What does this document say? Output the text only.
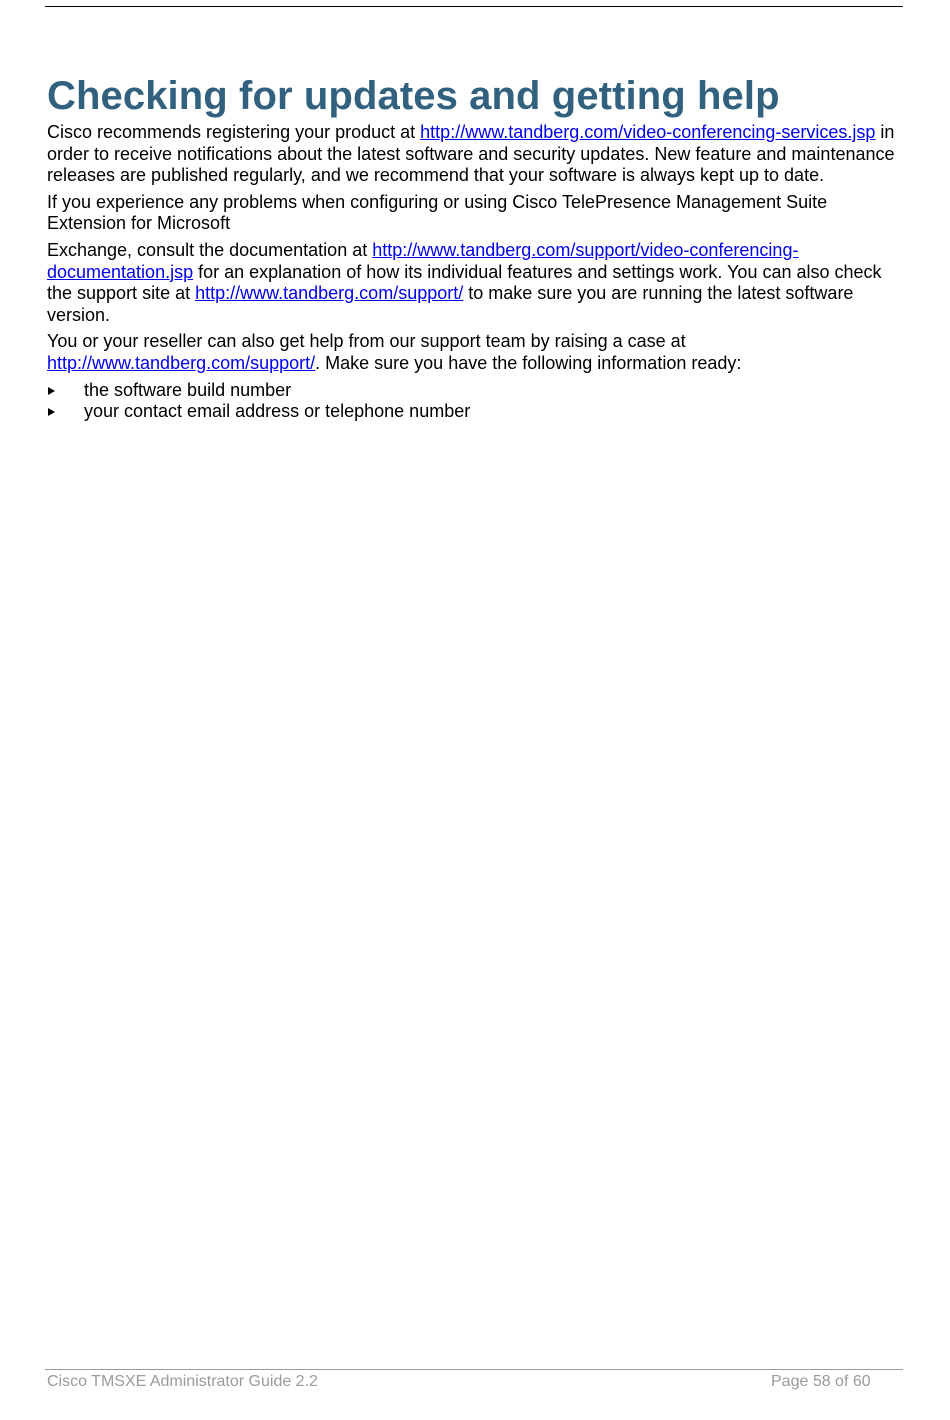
Checking for updates and getting help

Cisco recommends registering your product at http://www.tandberg.com/video-conferencing-services.jsp in order to receive notifications about the latest software and security updates. New feature and maintenance releases are published regularly, and we recommend that your software is always kept up to date.

If you experience any problems when configuring or using Cisco TelePresence Management Suite Extension for Microsoft

Exchange, consult the documentation at http://www.tandberg.com/support/video-conferencing-documentation.jsp for an explanation of how its individual features and settings work. You can also check the support site at http://www.tandberg.com/support/ to make sure you are running the latest software version.

You or your reseller can also get help from our support team by raising a case at http://www.tandberg.com/support/. Make sure you have the following information ready:

the software build number
your contact email address or telephone number
Cisco TMSXE Administrator Guide 2.2	Page 58 of 60
